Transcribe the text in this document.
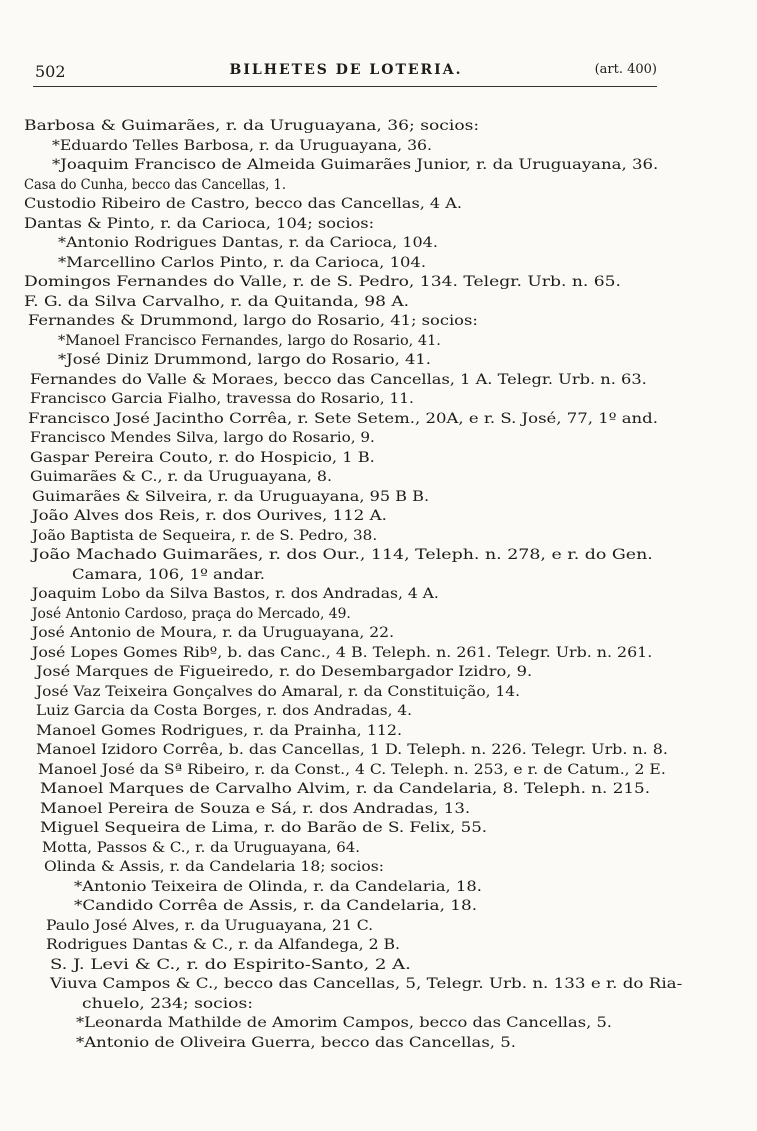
502	BILHETES DE LOTERIA.	(art. 400)
Barbosa & Guimarães, r. da Uruguayana, 36; socios:
*Eduardo Telles Barbosa, r. da Uruguayana, 36.
*Joaquim Francisco de Almeida Guimarães Junior, r. da Uruguayana, 36.
Casa do Cunha, becco das Cancellas, 1.
Custodio Ribeiro de Castro, becco das Cancellas, 4 A.
Dantas & Pinto, r. da Carioca, 104; socios:
*Antonio Rodrigues Dantas, r. da Carioca, 104.
*Marcellino Carlos Pinto, r. da Carioca, 104.
Domingos Fernandes do Valle, r. de S. Pedro, 134. Telegr. Urb. n. 65.
F. G. da Silva Carvalho, r. da Quitanda, 98 A.
Fernandes & Drummond, largo do Rosario, 41; socios:
*Manoel Francisco Fernandes, largo do Rosario, 41.
*José Diniz Drummond, largo do Rosario, 41.
Fernandes do Valle & Moraes, becco das Cancellas, 1 A. Telegr. Urb. n. 63.
Francisco Garcia Fialho, travessa do Rosario, 11.
Francisco José Jacintho Corrêa, r. Sete Setem., 20A, e r. S. José, 77, 1º and.
Francisco Mendes Silva, largo do Rosario, 9.
Gaspar Pereira Couto, r. do Hospicio, 1 B.
Guimarães & C., r. da Uruguayana, 8.
Guimarães & Silveira, r. da Uruguayana, 95 B B.
João Alves dos Reis, r. dos Ourives, 112 A.
João Baptista de Sequeira, r. de S. Pedro, 38.
João Machado Guimarães, r. dos Our., 114, Teleph. n. 278, e r. do Gen.
Camara, 106, 1º andar.
Joaquim Lobo da Silva Bastos, r. dos Andradas, 4 A.
José Antonio Cardoso, praça do Mercado, 49.
José Antonio de Moura, r. da Uruguayana, 22.
José Lopes Gomes Ribº, b. das Canc., 4 B. Teleph. n. 261. Telegr. Urb. n. 261.
José Marques de Figueiredo, r. do Desembargador Izidro, 9.
José Vaz Teixeira Gonçalves do Amaral, r. da Constituição, 14.
Luiz Garcia da Costa Borges, r. dos Andradas, 4.
Manoel Gomes Rodrigues, r. da Prainha, 112.
Manoel Izidoro Corrêa, b. das Cancellas, 1 D. Teleph. n. 226. Telegr. Urb. n. 8.
Manoel José da Sª Ribeiro, r. da Const., 4 C. Teleph. n. 253, e r. de Catum., 2 E.
Manoel Marques de Carvalho Alvim, r. da Candelaria, 8. Teleph. n. 215.
Manoel Pereira de Souza e Sá, r. dos Andradas, 13.
Miguel Sequeira de Lima, r. do Barão de S. Felix, 55.
Motta, Passos & C., r. da Uruguayana, 64.
Olinda & Assis, r. da Candelaria 18; socios:
*Antonio Teixeira de Olinda, r. da Candelaria, 18.
*Candido Corrêa de Assis, r. da Candelaria, 18.
Paulo José Alves, r. da Uruguayana, 21 C.
Rodrigues Dantas & C., r. da Alfandega, 2 B.
S. J. Levi & C., r. do Espirito-Santo, 2 A.
Viuva Campos & C., becco das Cancellas, 5, Telegr. Urb. n. 133 e r. do Ria-
chuelo, 234; socios:
*Leonarda Mathilde de Amorim Campos, becco das Cancellas, 5.
*Antonio de Oliveira Guerra, becco das Cancellas, 5.
